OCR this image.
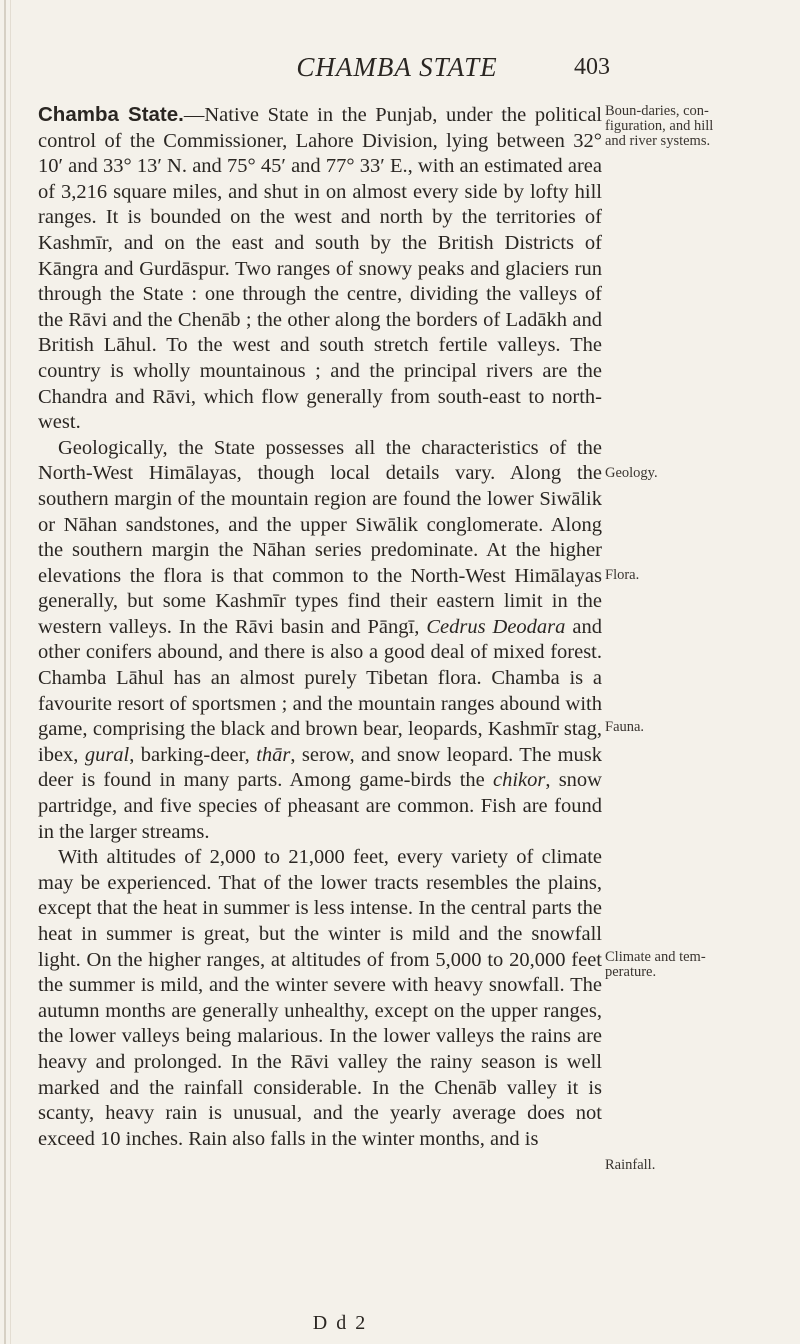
CHAMBA STATE	403

Chamba State.—Native State in the Punjab, under the political control of the Commissioner, Lahore Division, lying between 32° 10′ and 33° 13′ N. and 75° 45′ and 77° 33′ E., with an estimated area of 3,216 square miles, and shut in on almost every side by lofty hill ranges. It is bounded on the west and north by the territories of Kashmīr, and on the east and south by the British Districts of Kāngra and Gurdāspur. Two ranges of snowy peaks and glaciers run through the State : one through the centre, dividing the valleys of the Rāvi and the Chenāb ; the other along the borders of Ladākh and British Lāhul. To the west and south stretch fertile valleys. The country is wholly mountainous ; and the principal rivers are the Chandra and Rāvi, which flow generally from south-east to north-west.

Geologically, the State possesses all the characteristics of the North-West Himālayas, though local details vary. Along the southern margin of the mountain region are found the lower Siwālik or Nāhan sandstones, and the upper Siwālik conglomerate. Along the southern margin the Nāhan series predominate. At the higher elevations the flora is that common to the North-West Himālayas generally, but some Kashmīr types find their eastern limit in the western valleys. In the Rāvi basin and Pāngī, Cedrus Deodara and other conifers abound, and there is also a good deal of mixed forest. Chamba Lāhul has an almost purely Tibetan flora. Chamba is a favourite resort of sportsmen ; and the mountain ranges abound with game, comprising the black and brown bear, leopards, Kashmīr stag, ibex, gural, barking-deer, thār, serow, and snow leopard. The musk deer is found in many parts. Among game-birds the chikor, snow partridge, and five species of pheasant are common. Fish are found in the larger streams.

With altitudes of 2,000 to 21,000 feet, every variety of climate may be experienced. That of the lower tracts resembles the plains, except that the heat in summer is less intense. In the central parts the heat in summer is great, but the winter is mild and the snowfall light. On the higher ranges, at altitudes of from 5,000 to 20,000 feet the summer is mild, and the winter severe with heavy snowfall. The autumn months are generally unhealthy, except on the upper ranges, the lower valleys being malarious. In the lower valleys the rains are heavy and prolonged. In the Rāvi valley the rainy season is well marked and the rainfall considerable. In the Chenāb valley it is scanty, heavy rain is unusual, and the yearly average does not exceed 10 inches. Rain also falls in the winter months, and is

Boun-daries, con-figuration, and hill and river systems.
Geology.
Flora.
Fauna.
Climate and tem-perature.
Rainfall.
D d 2
